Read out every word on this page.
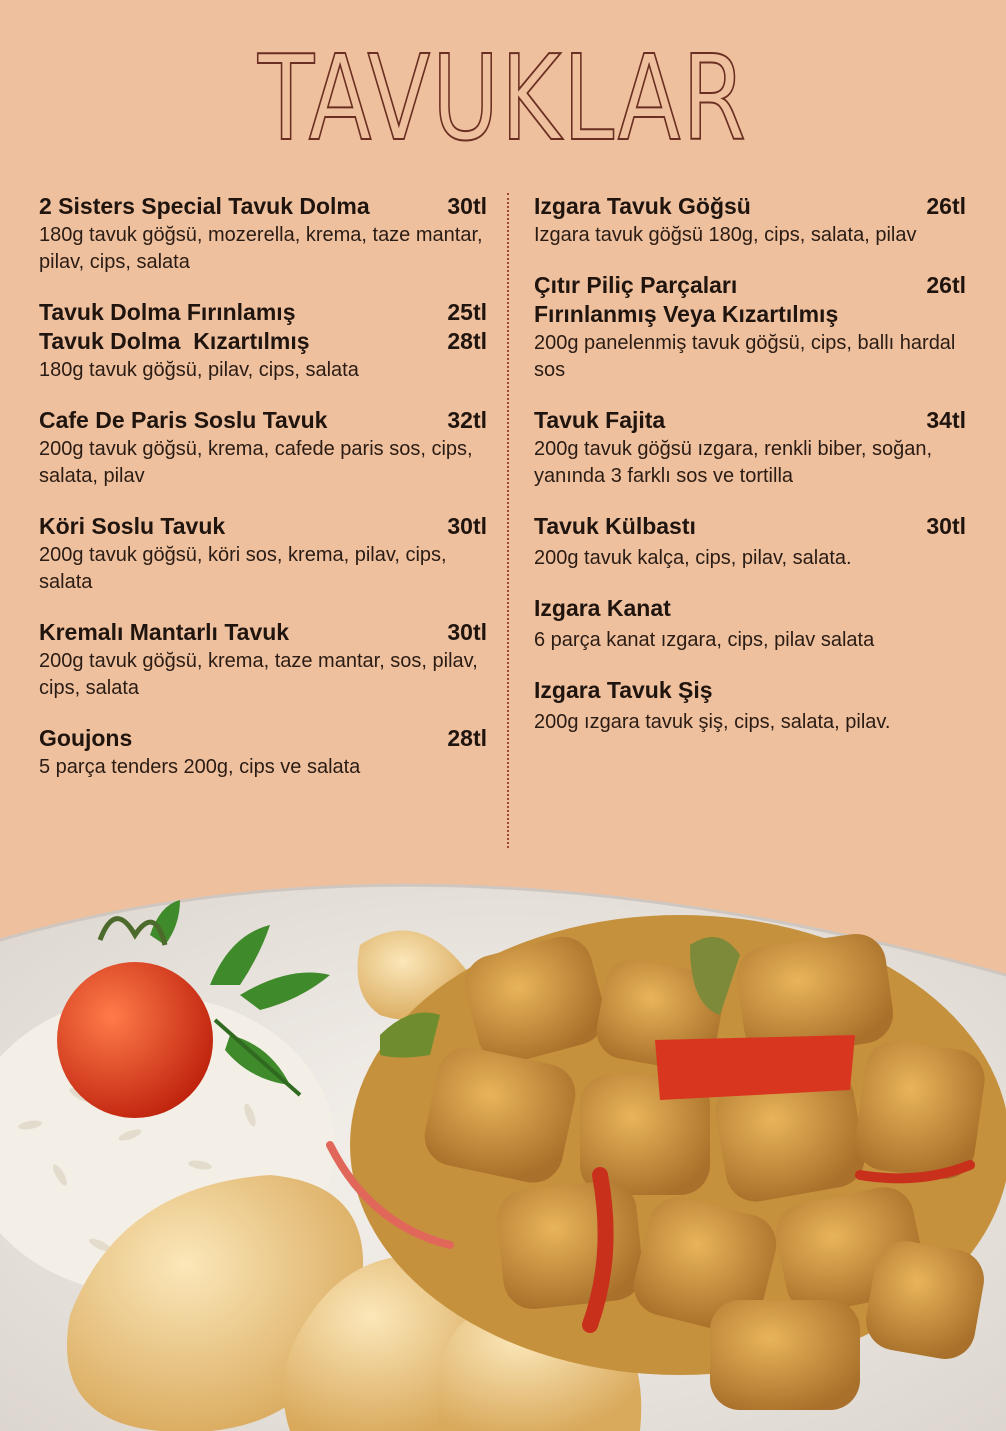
TAVUKLAR
2 Sisters Special Tavuk Dolma	30tl
180g tavuk göğsü, mozerella, krema, taze mantar, pilav, cips, salata
Tavuk Dolma Fırınlamış	25tl
Tavuk Dolma  Kızartılmış	28tl
180g tavuk göğsü, pilav, cips, salata
Cafe De Paris Soslu Tavuk	32tl
200g tavuk göğsü, krema, cafede paris sos, cips, salata, pilav
Köri Soslu Tavuk	30tl
200g tavuk göğsü, köri sos, krema, pilav, cips, salata
Kremalı Mantarlı Tavuk	30tl
200g tavuk göğsü, krema, taze mantar, sos, pilav, cips, salata
Goujons	28tl
5 parça tenders 200g, cips ve salata
Izgara Tavuk Göğsü	26tl
Izgara tavuk göğsü 180g, cips, salata, pilav
Çıtır Piliç Parçaları	26tl
Fırınlanmış Veya Kızartılmış
200g panelenmiş tavuk göğsü, cips, ballı hardal sos
Tavuk Fajita	34tl
200g tavuk göğsü ızgara, renkli biber, soğan, yanında 3 farklı sos ve tortilla
Tavuk Külbastı	30tl
200g tavuk kalça, cips, pilav, salata.
Izgara Kanat
6 parça kanat ızgara, cips, pilav salata
Izgara Tavuk Şiş
200g ızgara tavuk şiş, cips, salata, pilav.
